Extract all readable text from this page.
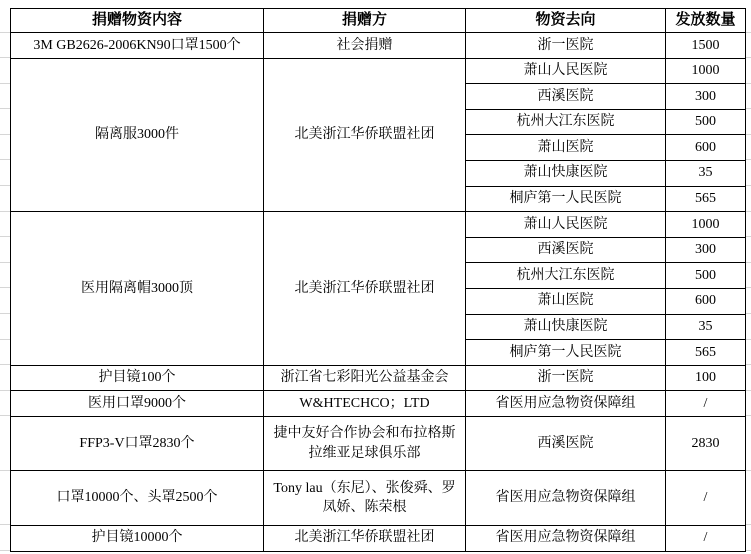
捐赠物资内容	捐赠方	物资去向	发放数量
3M GB2626-2006KN90口罩1500个	社会捐赠	浙一医院	1500
隔离服3000件	北美浙江华侨联盟社团	萧山人民医院	1000
		西溪医院	300
		杭州大江东医院	500
		萧山医院	600
		萧山快康医院	35
		桐庐第一人民医院	565
医用隔离帽3000顶	北美浙江华侨联盟社团	萧山人民医院	1000
		西溪医院	300
		杭州大江东医院	500
		萧山医院	600
		萧山快康医院	35
		桐庐第一人民医院	565
护目镜100个	浙江省七彩阳光公益基金会	浙一医院	100
医用口罩9000个	W&HTECHCO；LTD	省医用应急物资保障组	/
FFP3-V口罩2830个	捷中友好合作协会和布拉格斯拉维亚足球俱乐部	西溪医院	2830
口罩10000个、头罩2500个	Tony lau（东尼）、张俊舜、罗凤娇、陈荣根	省医用应急物资保障组	/
护目镜10000个	北美浙江华侨联盟社团	省医用应急物资保障组	/
